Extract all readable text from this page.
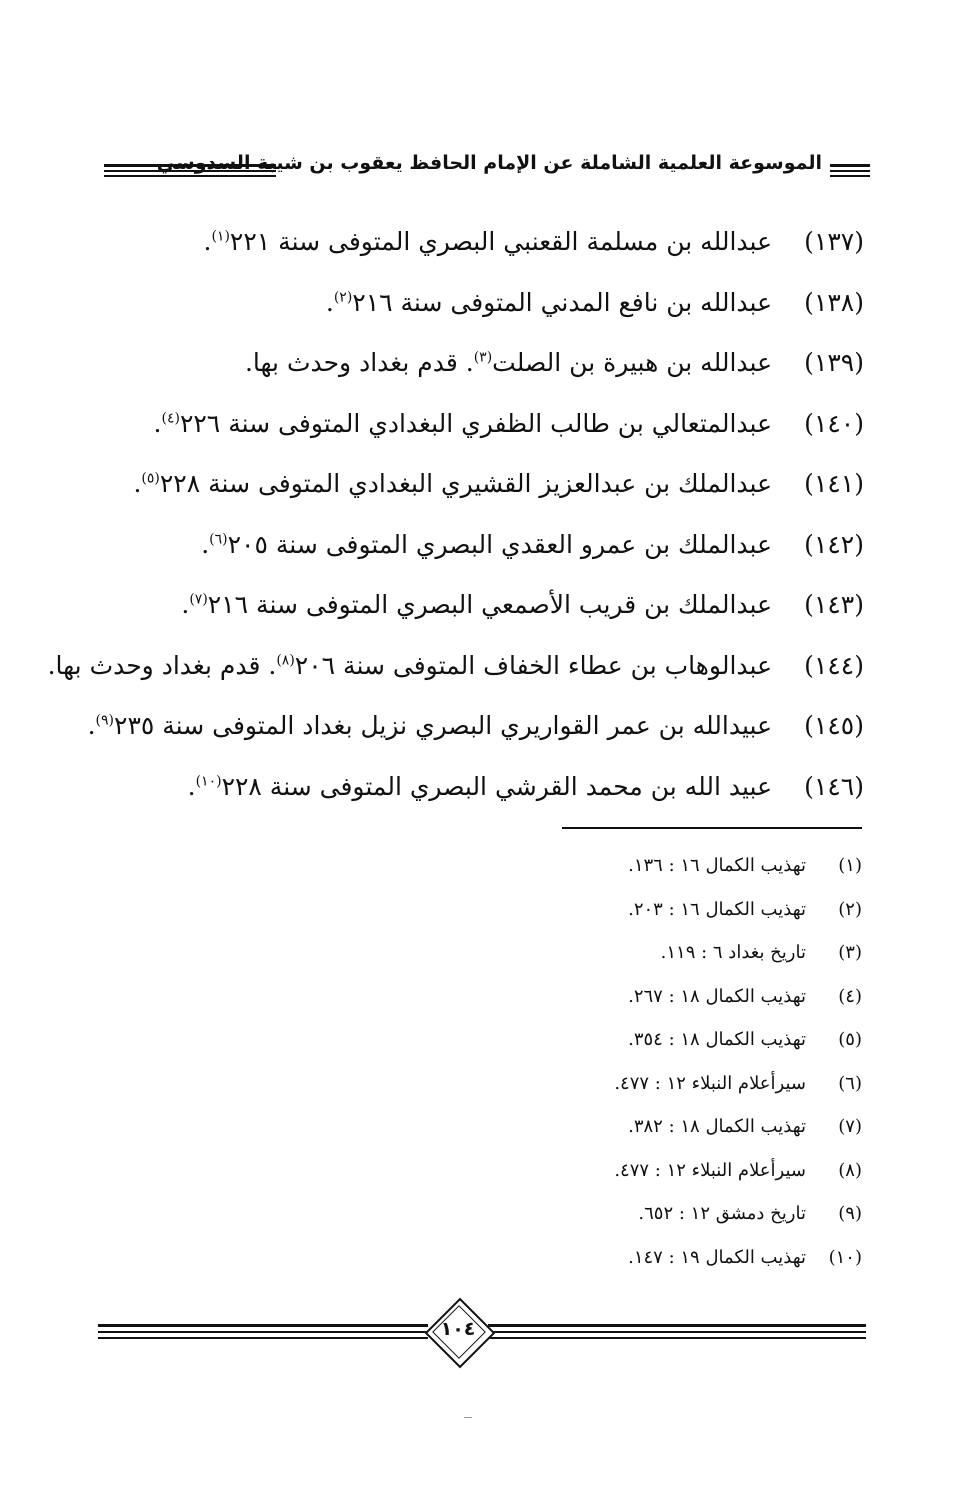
الموسوعة العلمية الشاملة عن الإمام الحافظ يعقوب بن شيبة السدوسي
(١٣٧)عبدالله بن مسلمة القعنبي البصري المتوفى سنة ٢٢١$^{(١)}$.
(١٣٨)عبدالله بن نافع المدني المتوفى سنة ٢١٦$^{(٢)}$.
(١٣٩)عبدالله بن هبيرة بن الصلت$^{(٣)}$. قدم بغداد وحدث بها.
(١٤٠)عبدالمتعالي بن طالب الظفري البغدادي المتوفى سنة ٢٢٦$^{(٤)}$.
(١٤١)عبدالملك بن عبدالعزيز القشيري البغدادي المتوفى سنة ٢٢٨$^{(٥)}$.
(١٤٢)عبدالملك بن عمرو العقدي البصري المتوفى سنة ٢٠٥$^{(٦)}$.
(١٤٣)عبدالملك بن قريب الأصمعي البصري المتوفى سنة ٢١٦$^{(٧)}$.
(١٤٤)عبدالوهاب بن عطاء الخفاف المتوفى سنة ٢٠٦$^{(٨)}$. قدم بغداد وحدث بها.
(١٤٥)عبيدالله بن عمر القواريري البصري نزيل بغداد المتوفى سنة ٢٣٥$^{(٩)}$.
(١٤٦)عبيد الله بن محمد القرشي البصري المتوفى سنة ٢٢٨$^{(١٠)}$.
(١)تهذيب الكمال ١٦ : ١٣٦.
(٢)تهذيب الكمال ١٦ : ٢٠٣.
(٣)تاريخ بغداد ٦ : ١١٩.
(٤)تهذيب الكمال ١٨ : ٢٦٧.
(٥)تهذيب الكمال ١٨ : ٣٥٤.
(٦)سيرأعلام النبلاء ١٢ : ٤٧٧.
(٧)تهذيب الكمال ١٨ : ٣٨٢.
(٨)سيرأعلام النبلاء ١٢ : ٤٧٧.
(٩)تاريخ دمشق ١٢ : ٦٥٢.
(١٠)تهذيب الكمال ١٩ : ١٤٧.
١٠٤
